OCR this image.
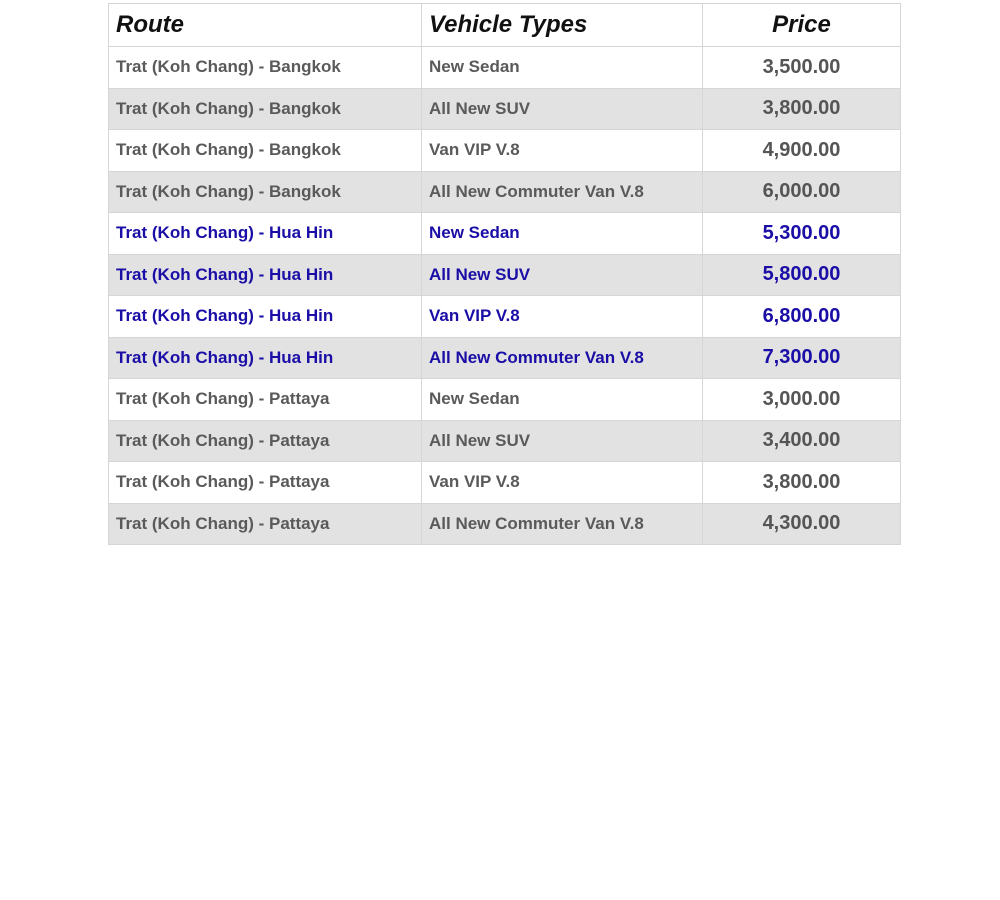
Route	Vehicle Types	Price
Trat (Koh Chang) - Bangkok	New Sedan	3,500.00
Trat (Koh Chang) - Bangkok	All New SUV	3,800.00
Trat (Koh Chang) - Bangkok	Van VIP V.8	4,900.00
Trat (Koh Chang) - Bangkok	All New Commuter Van V.8	6,000.00
Trat (Koh Chang) - Hua Hin	New Sedan	5,300.00
Trat (Koh Chang) - Hua Hin	All New SUV	5,800.00
Trat (Koh Chang) - Hua Hin	Van VIP V.8	6,800.00
Trat (Koh Chang) - Hua Hin	All New Commuter Van V.8	7,300.00
Trat (Koh Chang) - Pattaya	New Sedan	3,000.00
Trat (Koh Chang) - Pattaya	All New SUV	3,400.00
Trat (Koh Chang) - Pattaya	Van VIP V.8	3,800.00
Trat (Koh Chang) - Pattaya	All New Commuter Van V.8	4,300.00
